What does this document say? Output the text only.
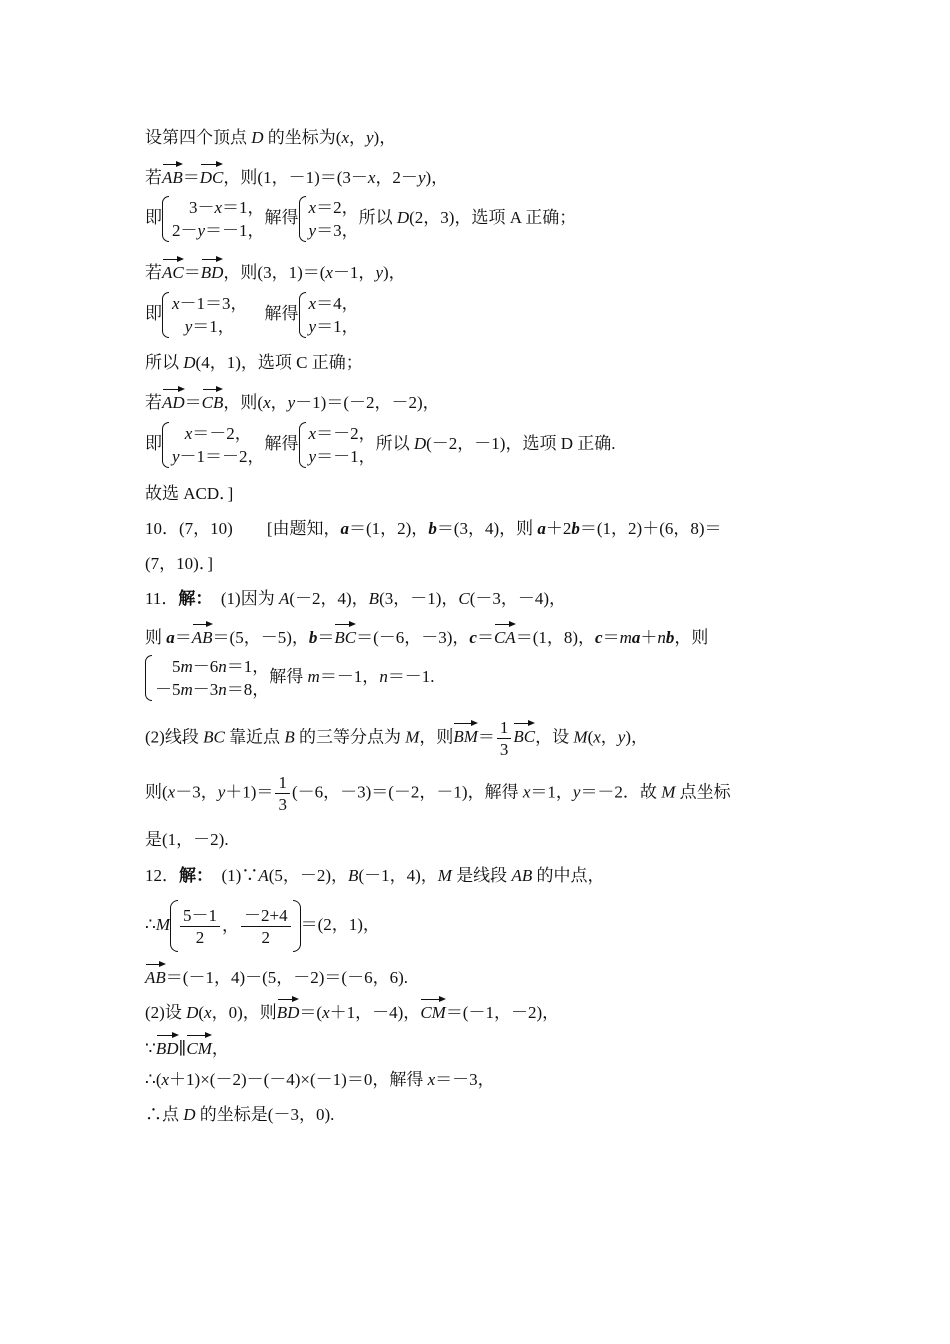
设第四个顶点 D 的坐标为(x，y)，
若AB＝DC，则(1，－1)＝(3－x，2－y)，
即
3－x＝1，
2－y＝－1，
解得
x＝2，
y＝3，
所以 D(2，3)，选项 A 正确；
若AC＝BD，则(3，1)＝(x－1，y)，
即
x－1＝3，
y＝1，
　解得
x＝4，
y＝1，
所以 D(4，1)，选项 C 正确；
若AD＝CB，则(x，y－1)＝(－2，－2)，
即
x＝－2，
y－1＝－2，
解得
x＝－2，
y＝－1，
所以 D(－2，－1)，选项 D 正确.
故选 ACD．]
10．(7，10)　　[由题知，a＝(1，2)，b＝(3，4)，则 a＋2b＝(1，2)＋(6，8)＝
(7，10)．]
11．解：　(1)因为 A(－2，4)，B(3，－1)，C(－3，－4)，
则 a＝AB＝(5，－5)，b＝BC＝(－6，－3)，c＝CA＝(1，8)，c＝ma＋nb，则
5m－6n＝1，
－5m－3n＝8，
解得 m＝－1，n＝－1.
(2)线段 BC 靠近点 B 的三等分点为 M，则$BM= \frac{1}{3}$ BC，设 M(x，y)，
则(x－3，$y+1)= \frac{1}{3} (-6$，－3)＝(－2，－1)，解得 x＝1，y＝－2．故 M 点坐标
是(1，－2).
12．解：　(1)∵A(5，－2)，B(－1，4)，M 是线段 AB 的中点，
∴M $\frac{5-1}{2}$ ， $\frac{-2+4}{2} =(2$，1)，
AB＝(－1，4)－(5，－2)＝(－6，6).
(2)设 D(x，0)，则BD＝(x＋1，－4)，CM＝(－1，－2)，
∵BD∥CM，
∴(x＋1)×(－2)－(－4)×(－1)＝0，解得 x＝－3，
∴点 D 的坐标是(－3，0).
